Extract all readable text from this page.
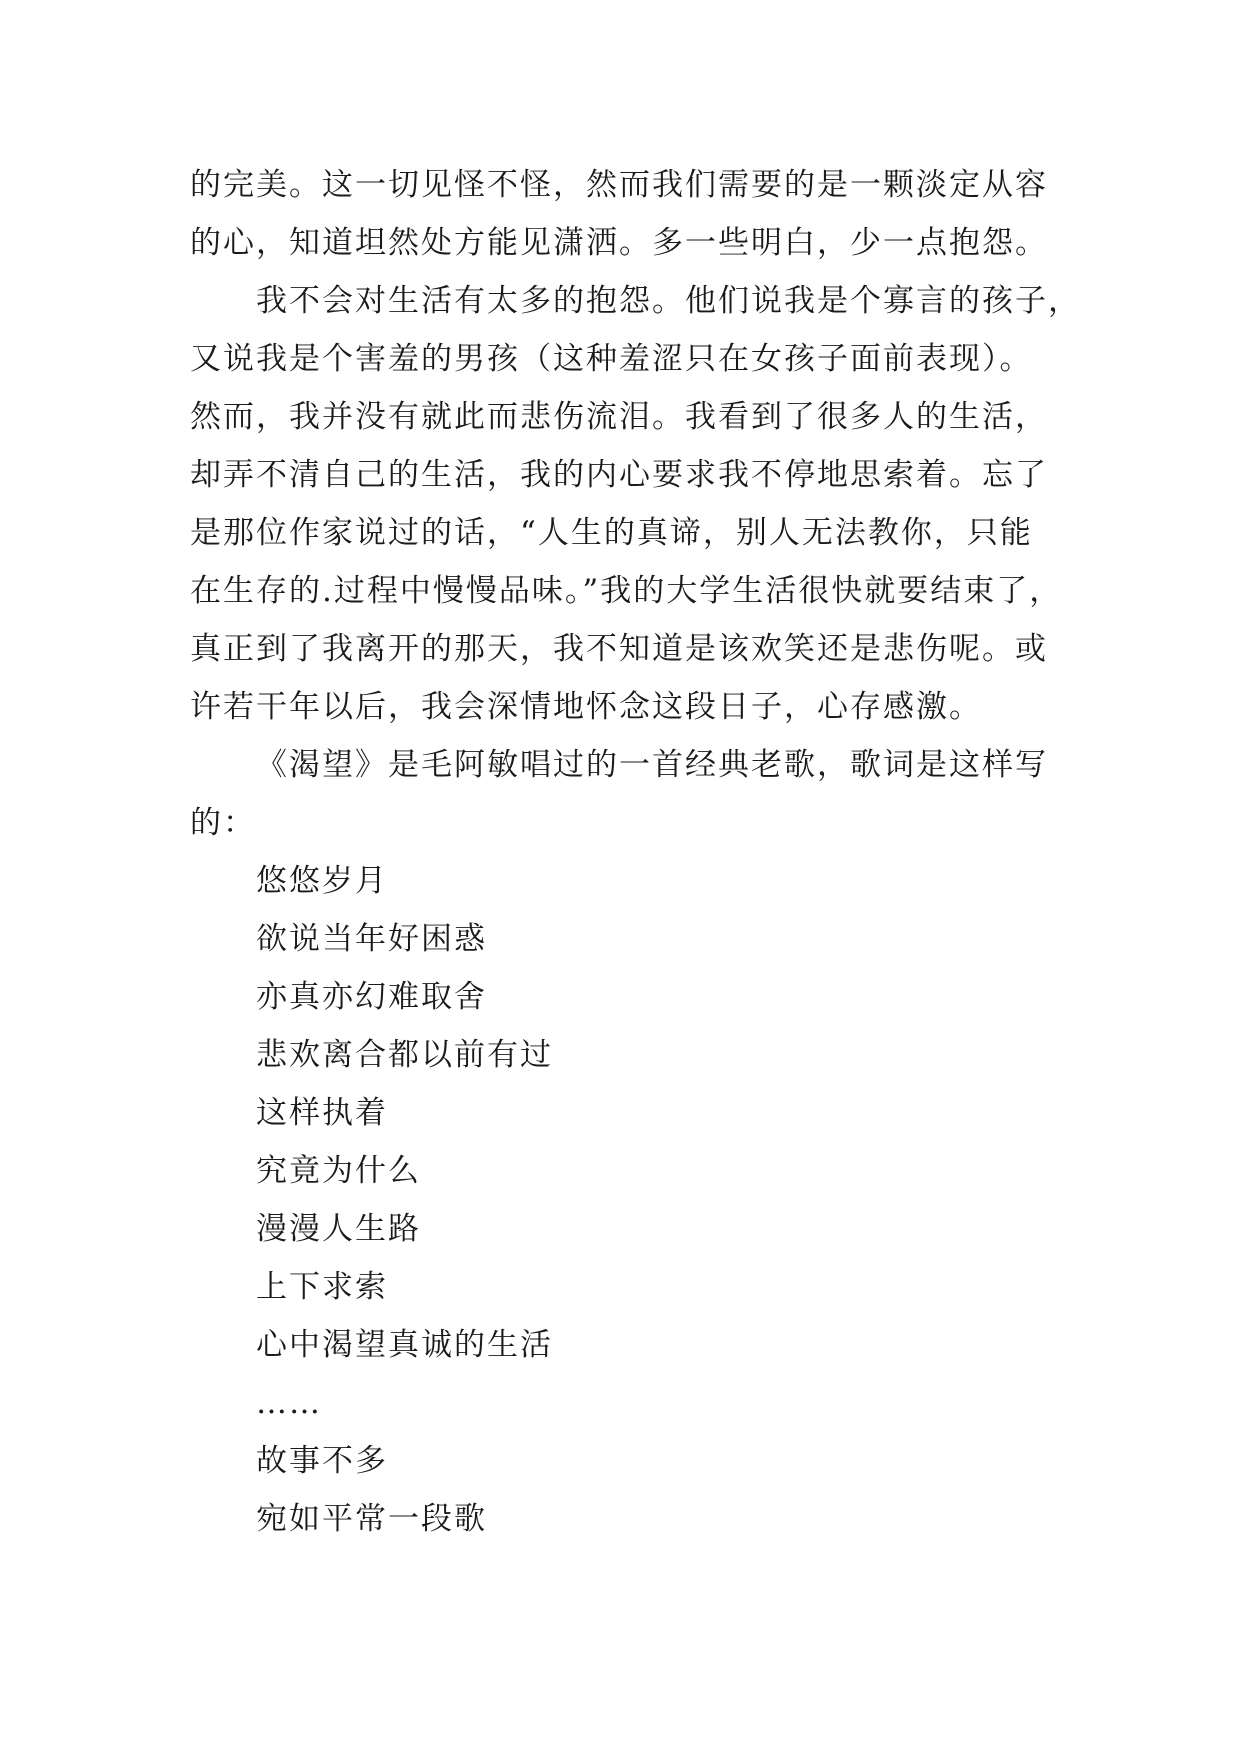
的完美。这一切见怪不怪，然而我们需要的是一颗淡定从容
的心，知道坦然处方能见潇洒。多一些明白，少一点抱怨。
我不会对生活有太多的抱怨。他们说我是个寡言的孩子，
又说我是个害羞的男孩（这种羞涩只在女孩子面前表现）。
然而，我并没有就此而悲伤流泪。我看到了很多人的生活，
却弄不清自己的生活，我的内心要求我不停地思索着。忘了
是那位作家说过的话，“人生的真谛，别人无法教你，只能
在生存的.过程中慢慢品味。”我的大学生活很快就要结束了，
真正到了我离开的那天，我不知道是该欢笑还是悲伤呢。或
许若干年以后，我会深情地怀念这段日子，心存感激。
《渴望》是毛阿敏唱过的一首经典老歌，歌词是这样写
的：
悠悠岁月
欲说当年好困惑
亦真亦幻难取舍
悲欢离合都以前有过
这样执着
究竟为什么
漫漫人生路
上下求索
心中渴望真诚的生活
……
故事不多
宛如平常一段歌
